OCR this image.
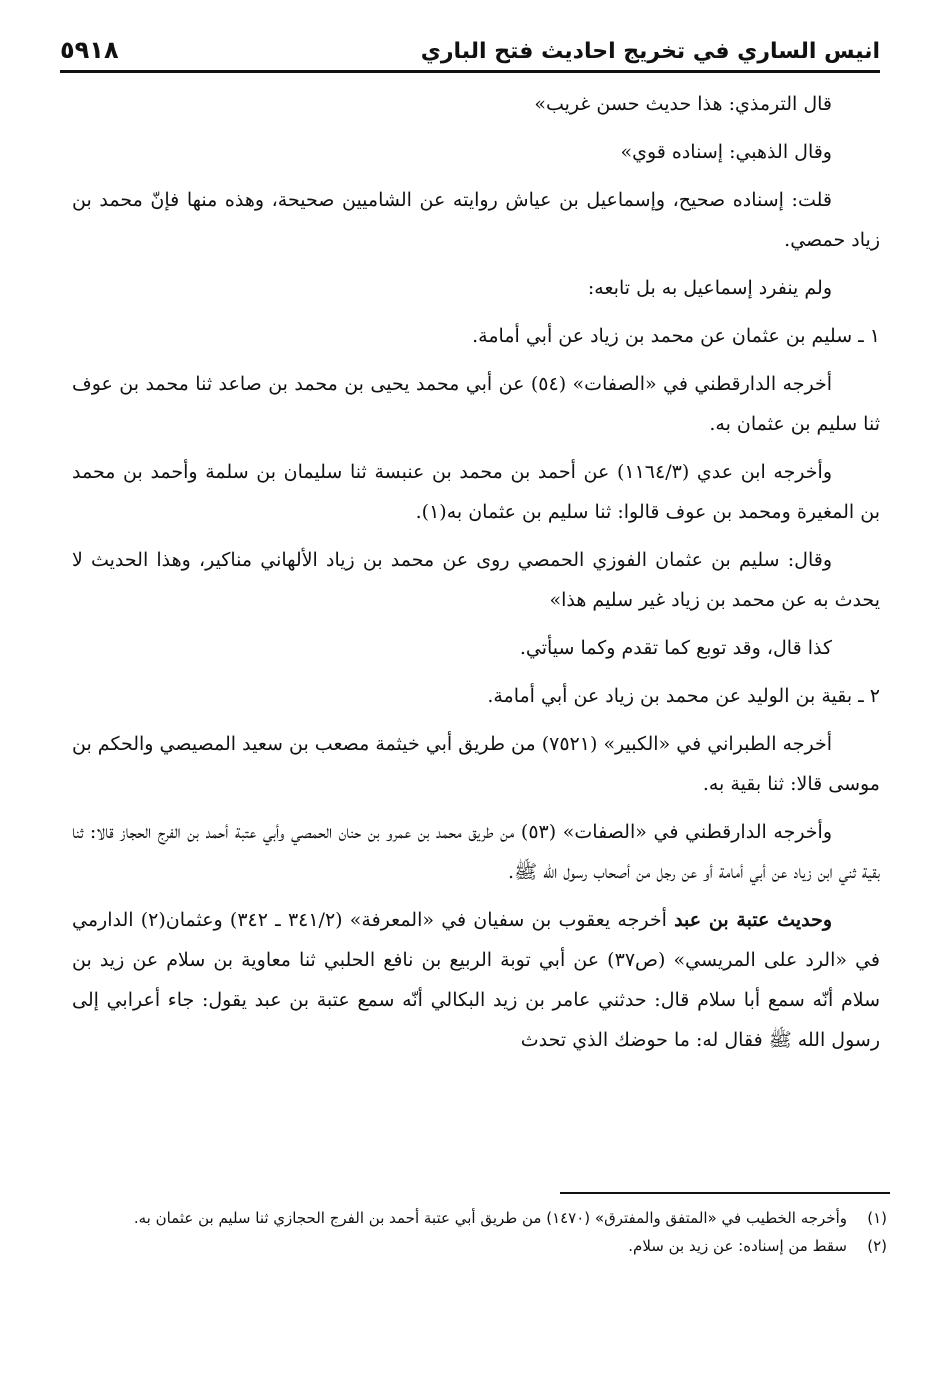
انيس الساري في تخريج احاديث فتح الباري
٥٩١٨

قال الترمذي: هذا حديث حسن غريب»

وقال الذهبي: إسناده قوي»

قلت: إسناده صحيح، وإسماعيل بن عياش روايته عن الشاميين صحيحة، وهذه منها فإنّ محمد بن زياد حمصي.

ولم ينفرد إسماعيل به بل تابعه:

١ ـ سليم بن عثمان عن محمد بن زياد عن أبي أمامة.

أخرجه الدارقطني في «الصفات» (٥٤) عن أبي محمد يحيى بن محمد بن صاعد ثنا محمد بن عوف ثنا سليم بن عثمان به.

وأخرجه ابن عدي (١١٦٤/٣) عن أحمد بن محمد بن عنبسة ثنا سليمان بن سلمة وأحمد بن محمد بن المغيرة ومحمد بن عوف قالوا: ثنا سليم بن عثمان به(١).

وقال: سليم بن عثمان الفوزي الحمصي روى عن محمد بن زياد الألهاني مناكير، وهذا الحديث لا يحدث به عن محمد بن زياد غير سليم هذا»

كذا قال، وقد توبع كما تقدم وكما سيأتي.

٢ ـ بقية بن الوليد عن محمد بن زياد عن أبي أمامة.

أخرجه الطبراني في «الكبير» (٧٥٢١) من طريق أبي خيثمة مصعب بن سعيد المصيصي والحكم بن موسى قالا: ثنا بقية به.

وأخرجه الدارقطني في «الصفات» (٥٣) من طريق محمد بن عمرو بن حنان الحمصي وأبي عتبة أحمد بن الفرج الحجاز قالا: ثنا بقية ثني ابن زياد عن أبي أمامة أو عن رجل من أصحاب رسول الله ﷺ.

وحديث عتبة بن عبد أخرجه يعقوب بن سفيان في «المعرفة» (٣٤١/٢ ـ ٣٤٢) وعثمان(٢) الدارمي في «الرد على المريسي» (ص٣٧) عن أبي توبة الربيع بن نافع الحلبي ثنا معاوية بن سلام عن زيد بن سلام أنّه سمع أبا سلام قال: حدثني عامر بن زيد البكالي أنّه سمع عتبة بن عبد يقول: جاء أعرابي إلى رسول الله ﷺ فقال له: ما حوضك الذي تحدث

(١)
وأخرجه الخطيب في «المتفق والمفترق» (١٤٧٠) من طريق أبي عتبة أحمد بن الفرج الحجازي ثنا سليم بن عثمان به.
(٢)
سقط من إسناده: عن زيد بن سلام.
